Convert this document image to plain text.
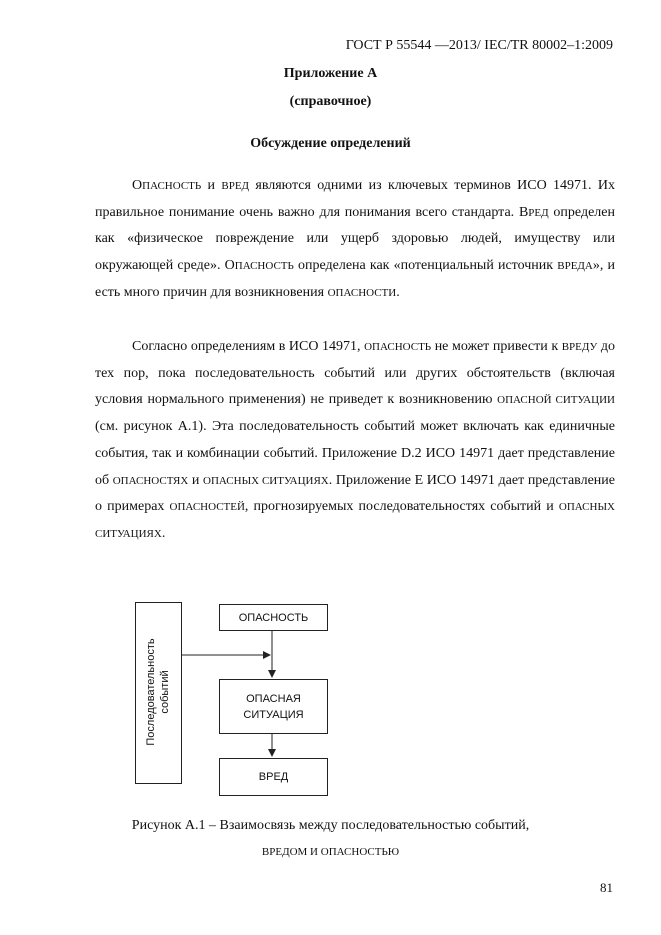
ГОСТ Р 55544 —2013/ IEC/TR 80002–1:2009
Приложение А
(справочное)
Обсуждение определений

ОПАСНОСТЬ и ВРЕД являются одними из ключевых терминов ИСО 14971. Их правильное понимание очень важно для понимания всего стандарта. ВРЕД определен как «физическое повреждение или ущерб здоровью людей, имуществу или окружающей среде». ОПАСНОСТЬ определена как «потенциальный источник ВРЕДА», и есть много причин для возникновения ОПАСНОСТИ.

Согласно определениям в ИСО 14971, ОПАСНОСТЬ не может привести к ВРЕДУ до тех пор, пока последовательность событий или других обстоятельств (включая условия нормального применения) не приведет к возникновению ОПАСНОЙ СИТУАЦИИ (см. рисунок А.1). Эта последовательность событий может включать как единичные события, так и комбинации событий. Приложение D.2 ИСО 14971 дает представление об ОПАСНОСТЯХ и ОПАСНЫХ СИТУАЦИЯХ. Приложение Е ИСО 14971 дает представление о примерах ОПАСНОСТЕЙ, прогнозируемых последовательностях событий и ОПАСНЫХ СИТУАЦИЯХ.

Последовательность событий
ОПАСНОСТЬ
ОПАСНАЯ
СИТУАЦИЯ
ВРЕД
Рисунок А.1 – Взаимосвязь между последовательностью событий,
ВРЕДОМ И ОПАСНОСТЬЮ
81
